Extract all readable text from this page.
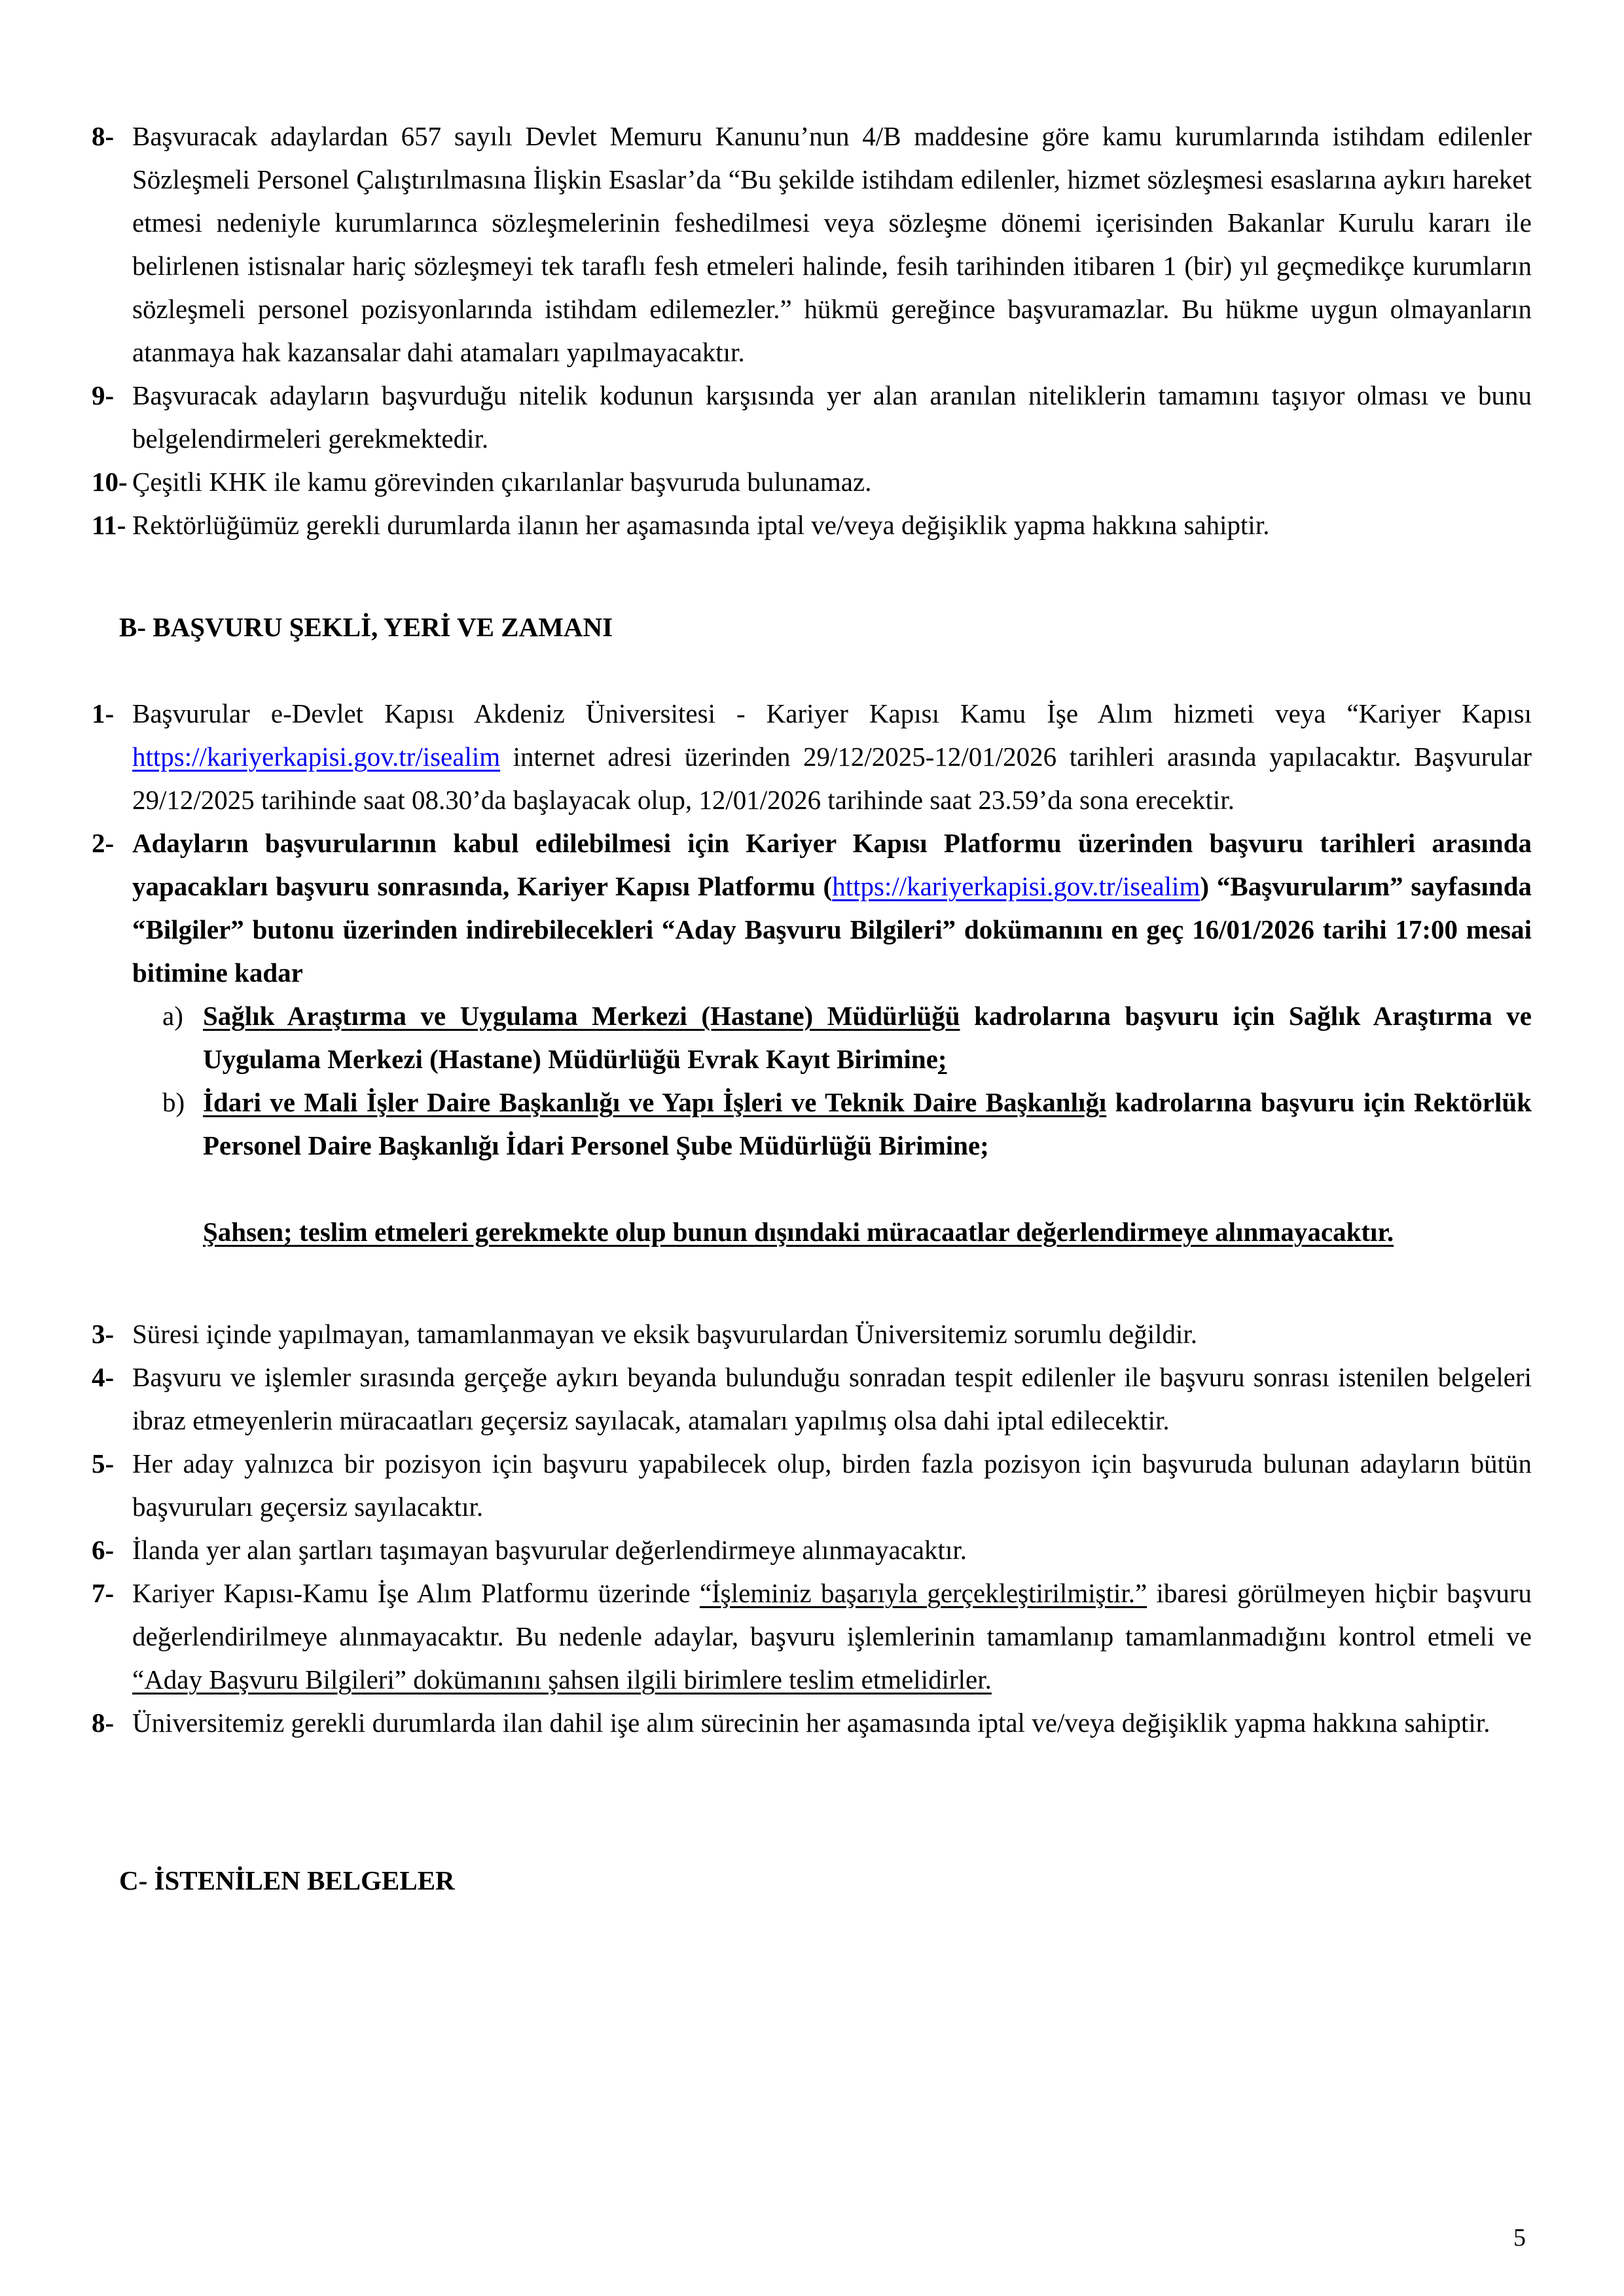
8- Başvuracak adaylardan 657 sayılı Devlet Memuru Kanunu’nun 4/B maddesine göre kamu kurumlarında istihdam edilenler Sözleşmeli Personel Çalıştırılmasına İlişkin Esaslar’da “Bu şekilde istihdam edilenler, hizmet sözleşmesi esaslarına aykırı hareket etmesi nedeniyle kurumlarınca sözleşmelerinin feshedilmesi veya sözleşme dönemi içerisinden Bakanlar Kurulu kararı ile belirlenen istisnalar hariç sözleşmeyi tek taraflı fesh etmeleri halinde, fesih tarihinden itibaren 1 (bir) yıl geçmedikçe kurumların sözleşmeli personel pozisyonlarında istihdam edilemezler.” hükmü gereğince başvuramazlar. Bu hükme uygun olmayanların atanmaya hak kazansalar dahi atamaları yapılmayacaktır.
9- Başvuracak adayların başvurduğu nitelik kodunun karşısında yer alan aranılan niteliklerin tamamını taşıyor olması ve bunu belgelendirmeleri gerekmektedir.
10- Çeşitli KHK ile kamu görevinden çıkarılanlar başvuruda bulunamaz.
11- Rektörlüğümüz gerekli durumlarda ilanın her aşamasında iptal ve/veya değişiklik yapma hakkına sahiptir.
B- BAŞVURU ŞEKLİ, YERİ VE ZAMANI
1- Başvurular e-Devlet Kapısı Akdeniz Üniversitesi - Kariyer Kapısı Kamu İşe Alım hizmeti veya “Kariyer Kapısı https://kariyerkapisi.gov.tr/isealim internet adresi üzerinden 29/12/2025-12/01/2026 tarihleri arasında yapılacaktır. Başvurular 29/12/2025 tarihinde saat 08.30’da başlayacak olup, 12/01/2026 tarihinde saat 23.59’da sona erecektir.
2- Adayların başvurularının kabul edilebilmesi için Kariyer Kapısı Platformu üzerinden başvuru tarihleri arasında yapacakları başvuru sonrasında, Kariyer Kapısı Platformu (https://kariyerkapisi.gov.tr/isealim) “Başvurularım” sayfasında “Bilgiler” butonu üzerinden indirebilecekleri “Aday Başvuru Bilgileri” dokümanını en geç 16/01/2026 tarihi 17:00 mesai bitimine kadar
a) Sağlık Araştırma ve Uygulama Merkezi (Hastane) Müdürlüğü kadrolarına başvuru için Sağlık Araştırma ve Uygulama Merkezi (Hastane) Müdürlüğü Evrak Kayıt Birimine;
b) İdari ve Mali İşler Daire Başkanlığı ve Yapı İşleri ve Teknik Daire Başkanlığı kadrolarına başvuru için Rektörlük Personel Daire Başkanlığı İdari Personel Şube Müdürlüğü Birimine;
Şahsen; teslim etmeleri gerekmekte olup bunun dışındaki müracaatlar değerlendirmeye alınmayacaktır.
3- Süresi içinde yapılmayan, tamamlanmayan ve eksik başvurulardan Üniversitemiz sorumlu değildir.
4- Başvuru ve işlemler sırasında gerçeğe aykırı beyanda bulunduğu sonradan tespit edilenler ile başvuru sonrası istenilen belgeleri ibraz etmeyenlerin müracaatları geçersiz sayılacak, atamaları yapılmış olsa dahi iptal edilecektir.
5- Her aday yalnızca bir pozisyon için başvuru yapabilecek olup, birden fazla pozisyon için başvuruda bulunan adayların bütün başvuruları geçersiz sayılacaktır.
6- İlanda yer alan şartları taşımayan başvurular değerlendirmeye alınmayacaktır.
7- Kariyer Kapısı-Kamu İşe Alım Platformu üzerinde “İşleminiz başarıyla gerçekleştirilmiştir.” ibaresi görülmeyen hiçbir başvuru değerlendirilmeye alınmayacaktır. Bu nedenle adaylar, başvuru işlemlerinin tamamlanıp tamamlanmadığını kontrol etmeli ve “Aday Başvuru Bilgileri” dokümanını şahsen ilgili birimlere teslim etmelidirler.
8- Üniversitemiz gerekli durumlarda ilan dahil işe alım sürecinin her aşamasında iptal ve/veya değişiklik yapma hakkına sahiptir.
C- İSTENİLEN BELGELER
5
